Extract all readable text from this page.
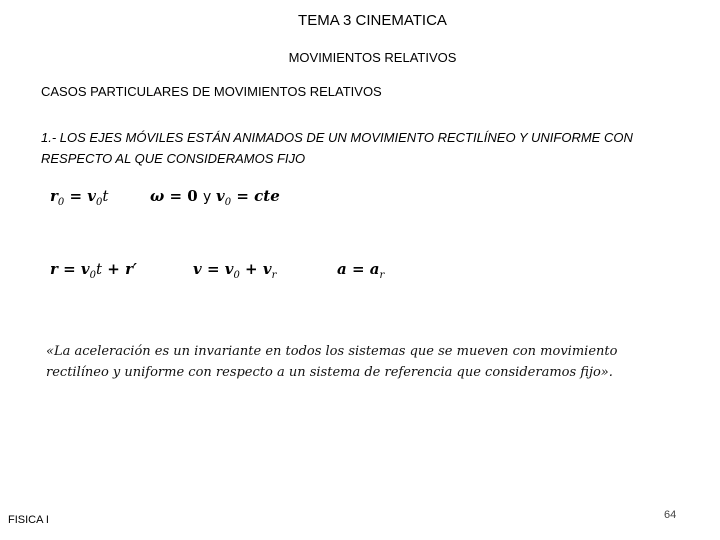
TEMA 3 CINEMATICA
MOVIMIENTOS RELATIVOS
CASOS PARTICULARES DE MOVIMIENTOS RELATIVOS
1.- LOS EJES MÓVILES ESTÁN ANIMADOS DE UN MOVIMIENTO RECTILÍNEO Y UNIFORME CON RESPECTO AL QUE CONSIDERAMOS FIJO
$r_0 = v_0t$	ω = 0 y $v_0$ = cte
$r = v_0t + r'$	$v = v_0 + v_r$	$a = a_r$
«La aceleración es un invariante en todos los sistemas que se mueven con movimiento rectilíneo y uniforme con respecto a un sistema de referencia que consideramos fijo».
FISICA I	64
